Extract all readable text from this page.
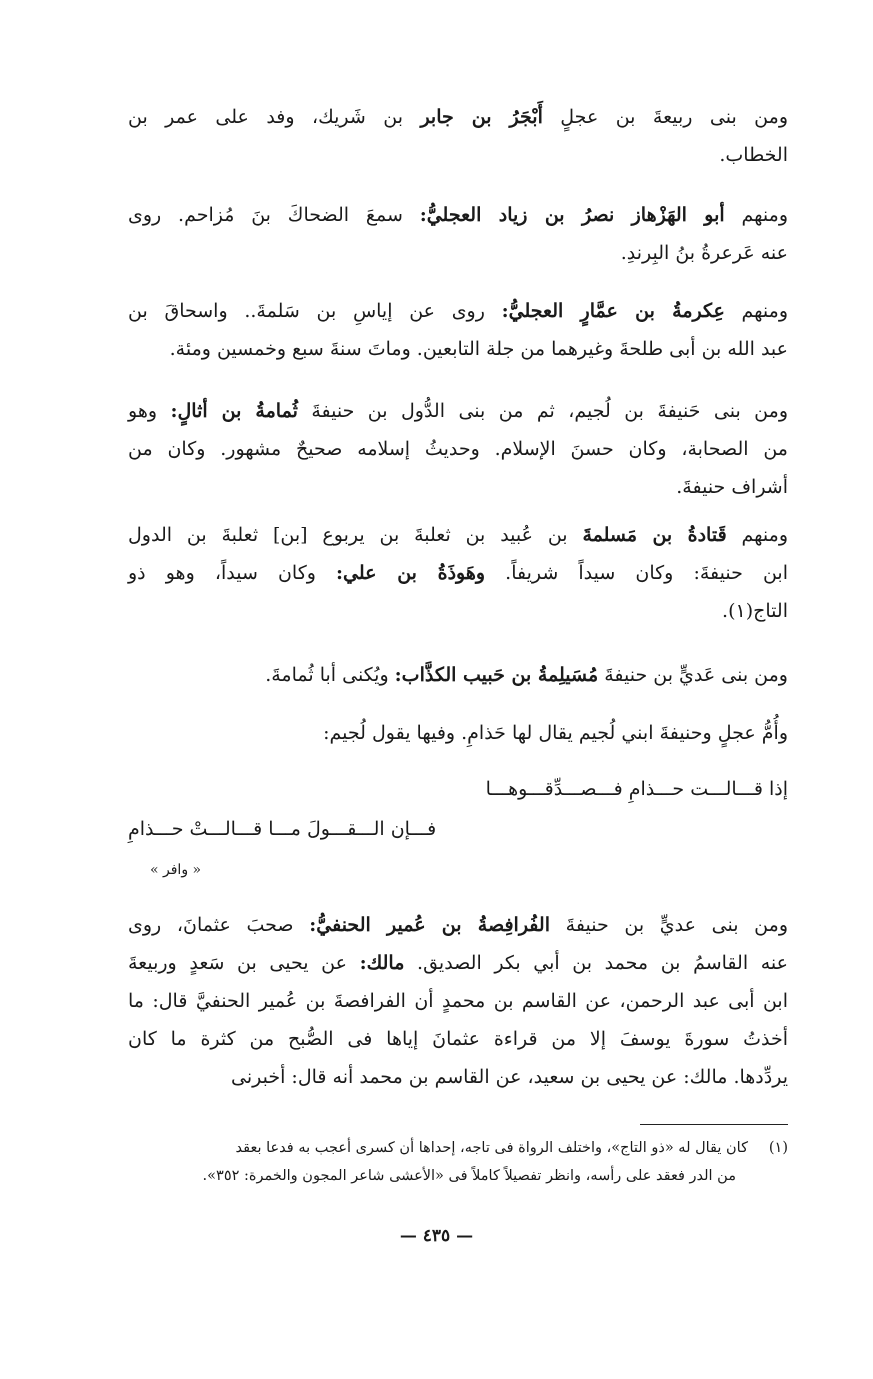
ومن بنى ربيعةَ بن عجلٍ أَبْجَرُ بن جابر بن شَريك، وفد على عمر بن
الخطاب.
ومنهم أبو الهَزْهاز نصرُ بن زياد العجليُّ: سمعَ الضحاكَ بنَ مُزاحم. روى
عنه عَرعرةُ بنُ البِرندِ.
ومنهم عِكرمةُ بن عمَّارٍ العجليُّ: روى عن إياسِ بن سَلمةَ.. واسحاقَ بن
عبد الله بن أبى طلحةَ وغيرهما من جلة التابعين. وماتَ سنةَ سبع وخمسين ومئة.
ومن بنى حَنيفةَ بن لُجيم، ثم من بنى الدُّول بن حنيفةَ ثُمامةُ بن أثالٍ: وهو
من الصحابة، وكان حسنَ الإسلام. وحديثُ إسلامه صحيحٌ مشهور. وكان من
أشراف حنيفةَ.
ومنهم قَتادةُ بن مَسلمةَ بن عُبيد بن ثعلبةَ بن يربوع [بن] ثعلبةَ بن الدول
ابن حنيفةَ: وكان سيداً شريفاً. وهَوذَةُ بن علي: وكان سيداً، وهو ذو
التاج(١).
ومن بنى عَديٍّ بن حنيفةَ مُسَيلِمةُ بن حَبيب الكذَّاب: ويُكنى أبا ثُمامةَ.
وأُمُّ عجلٍ وحنيفةَ ابني لُجيم يقال لها حَذامِ. وفيها يقول لُجيم:
إذا قـــالـــت حـــذامِ فـــصـــدِّقـــوهـــا
فـــإن الـــقـــولَ مـــا قـــالـــتْ حـــذامِ
« وافر »
ومن بنى عديٍّ بن حنيفةَ الفُرافِصةُ بن عُمير الحنفيُّ: صحبَ عثمانَ، روى
عنه القاسمُ بن محمد بن أبي بكر الصديق. مالك: عن يحيى بن سَعدٍ وربيعةَ
ابن أبى عبد الرحمن، عن القاسم بن محمدٍ أن الفرافصةَ بن عُمير الحنفيَّ قال: ما
أخذتُ سورةَ يوسفَ إلا من قراءة عثمانَ إياها فى الصُّبح من كثرة ما كان
يردِّدها. مالك: عن يحيى بن سعيد، عن القاسم بن محمد أنه قال: أخبرنى
(١)كان يقال له «ذو التاج»، واختلف الرواة فى تاجه، إحداها أن كسرى أعجب به فدعا بعقد
من الدر فعقد على رأسه، وانظر تفصيلاً كاملاً فى «الأعشى شاعر المجون والخمرة: ٣٥٢».
— ٤٣٥ —
